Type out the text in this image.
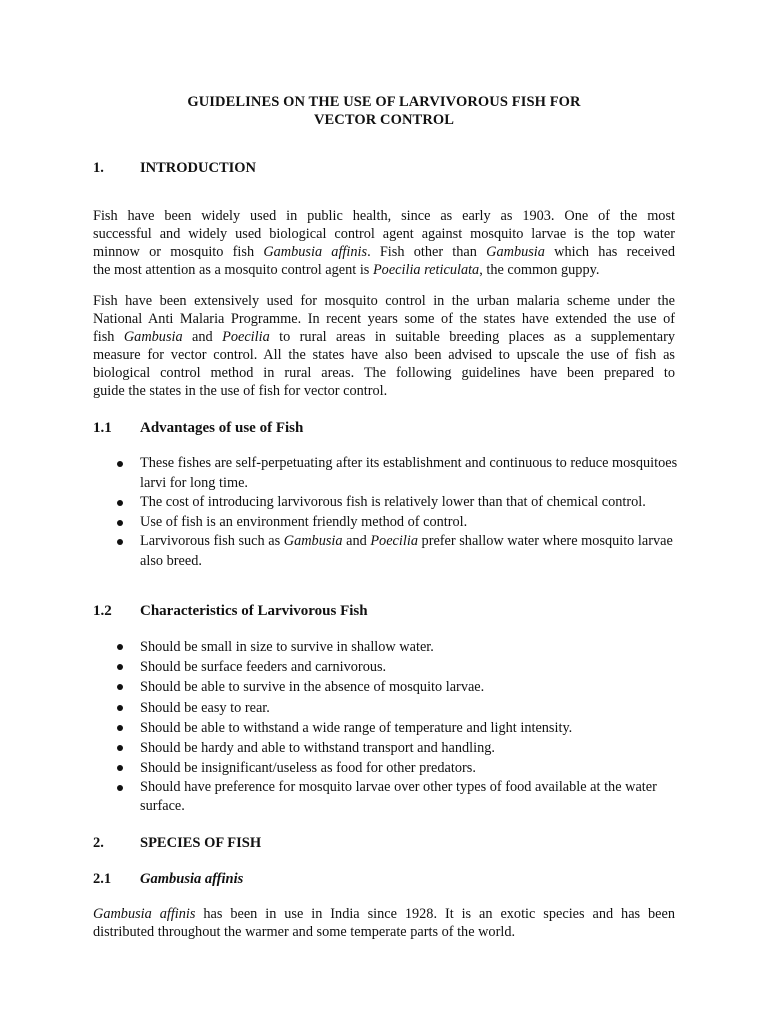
GUIDELINES ON THE USE OF LARVIVOROUS FISH FOR
VECTOR CONTROL
1. INTRODUCTION
Fish have been widely used in public health, since as early as 1903. One of the most
successful and widely used biological control agent against mosquito larvae is the top water
minnow or mosquito fish Gambusia affinis. Fish other than Gambusia which has received
the most attention as a mosquito control agent is Poecilia reticulata, the common guppy.
Fish have been extensively used for mosquito control in the urban malaria scheme under the
National Anti Malaria Programme. In recent years some of the states have extended the use of
fish Gambusia and Poecilia to rural areas in suitable breeding places as a supplementary
measure for vector control. All the states have also been advised to upscale the use of fish as
biological control method in rural areas. The following guidelines have been prepared to
guide the states in the use of fish for vector control.
1.1 Advantages of use of Fish
These fishes are self-perpetuating after its establishment and continuous to reduce mosquitoes larvi for long time.
The cost of introducing larvivorous fish is relatively lower than that of chemical control.
Use of fish is an environment friendly method of control.
Larvivorous fish such as Gambusia and Poecilia prefer shallow water where mosquito larvae also breed.
1.2 Characteristics of Larvivorous Fish
Should be small in size to survive in shallow water.
Should be surface feeders and carnivorous.
Should be able to survive in the absence of mosquito larvae.
Should be easy to rear.
Should be able to withstand a wide range of temperature and light intensity.
Should be hardy and able to withstand transport and handling.
Should be insignificant/useless as food for other predators.
Should have preference for mosquito larvae over other types of food available at the water surface.
2. SPECIES OF FISH
2.1 Gambusia affinis
Gambusia affinis has been in use in India since 1928. It is an exotic species and has been
distributed throughout the warmer and some temperate parts of the world.
